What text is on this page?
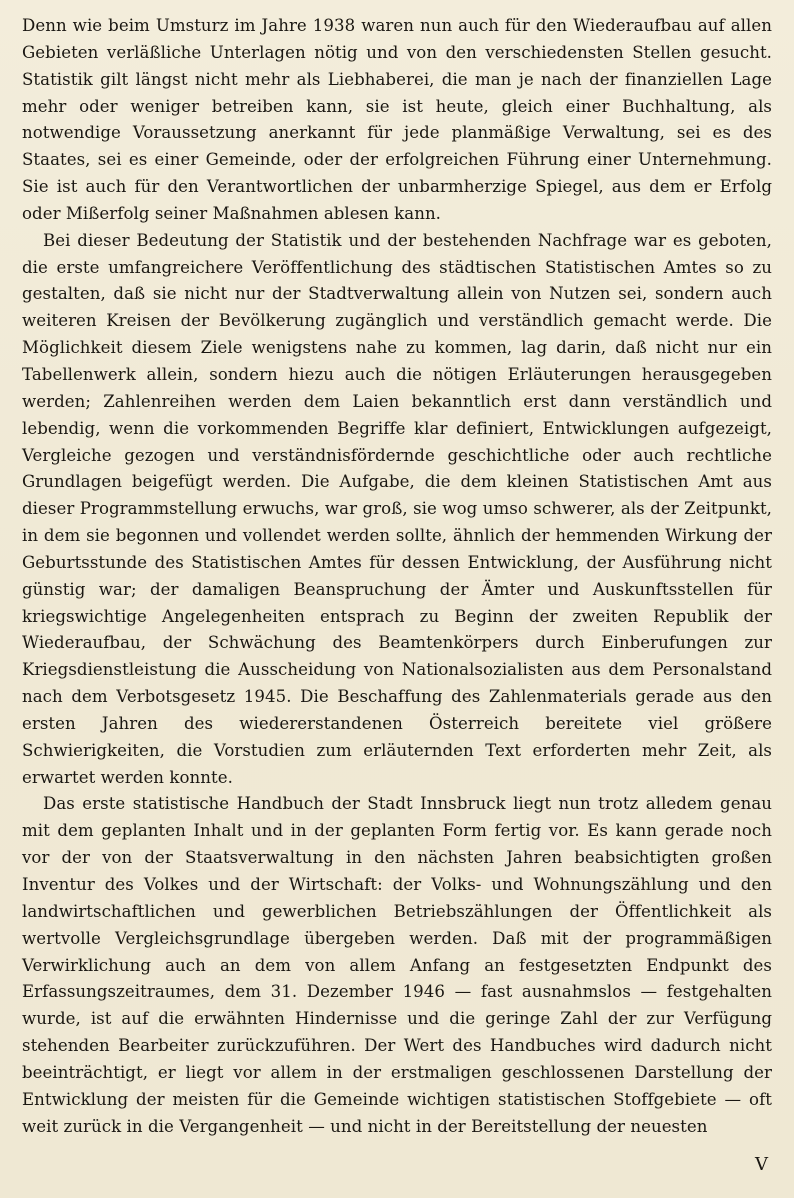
Denn wie beim Umsturz im Jahre 1938 waren nun auch für den Wiederaufbau auf allen Gebieten verläßliche Unterlagen nötig und von den verschiedensten Stellen gesucht. Statistik gilt längst nicht mehr als Liebhaberei, die man je nach der finanziellen Lage mehr oder weniger betreiben kann, sie ist heute, gleich einer Buchhaltung, als notwendige Voraussetzung anerkannt für jede planmäßige Verwaltung, sei es des Staates, sei es einer Gemeinde, oder der erfolgreichen Führung einer Unternehmung. Sie ist auch für den Verantwortlichen der unbarmherzige Spiegel, aus dem er Erfolg oder Mißerfolg seiner Maßnahmen ablesen kann.

Bei dieser Bedeutung der Statistik und der bestehenden Nachfrage war es geboten, die erste umfangreichere Veröffentlichung des städtischen Statistischen Amtes so zu gestalten, daß sie nicht nur der Stadtverwaltung allein von Nutzen sei, sondern auch weiteren Kreisen der Bevölkerung zugänglich und verständlich gemacht werde. Die Möglichkeit diesem Ziele wenigstens nahe zu kommen, lag darin, daß nicht nur ein Tabellenwerk allein, sondern hiezu auch die nötigen Erläuterungen herausgegeben werden; Zahlenreihen werden dem Laien bekanntlich erst dann verständlich und lebendig, wenn die vorkommenden Begriffe klar definiert, Entwicklungen aufgezeigt, Vergleiche gezogen und verständnisfördernde geschichtliche oder auch rechtliche Grundlagen beigefügt werden. Die Aufgabe, die dem kleinen Statistischen Amt aus dieser Programmstellung erwuchs, war groß, sie wog umso schwerer, als der Zeitpunkt, in dem sie begonnen und vollendet werden sollte, ähnlich der hemmenden Wirkung der Geburtsstunde des Statistischen Amtes für dessen Entwicklung, der Ausführung nicht günstig war; der damaligen Beanspruchung der Ämter und Auskunftsstellen für kriegswichtige Angelegenheiten entsprach zu Beginn der zweiten Republik der Wiederaufbau, der Schwächung des Beamtenkörpers durch Einberufungen zur Kriegsdienstleistung die Ausscheidung von Nationalsozialisten aus dem Personalstand nach dem Verbotsgesetz 1945. Die Beschaffung des Zahlenmaterials gerade aus den ersten Jahren des wiedererstandenen Österreich bereitete viel größere Schwierigkeiten, die Vorstudien zum erläuternden Text erforderten mehr Zeit, als erwartet werden konnte.

Das erste statistische Handbuch der Stadt Innsbruck liegt nun trotz alledem genau mit dem geplanten Inhalt und in der geplanten Form fertig vor. Es kann gerade noch vor der von der Staatsverwaltung in den nächsten Jahren beabsichtigten großen Inventur des Volkes und der Wirtschaft: der Volks- und Wohnungszählung und den landwirtschaftlichen und gewerblichen Betriebszählungen der Öffentlichkeit als wertvolle Vergleichsgrundlage übergeben werden. Daß mit der programmäßigen Verwirklichung auch an dem von allem Anfang an festgesetzten Endpunkt des Erfassungszeitraumes, dem 31. Dezember 1946 — fast ausnahmslos — festgehalten wurde, ist auf die erwähnten Hindernisse und die geringe Zahl der zur Verfügung stehenden Bearbeiter zurückzuführen. Der Wert des Handbuches wird dadurch nicht beeinträchtigt, er liegt vor allem in der erstmaligen geschlossenen Darstellung der Entwicklung der meisten für die Gemeinde wichtigen statistischen Stoffgebiete — oft weit zurück in die Vergangenheit — und nicht in der Bereitstellung der neuesten

V
